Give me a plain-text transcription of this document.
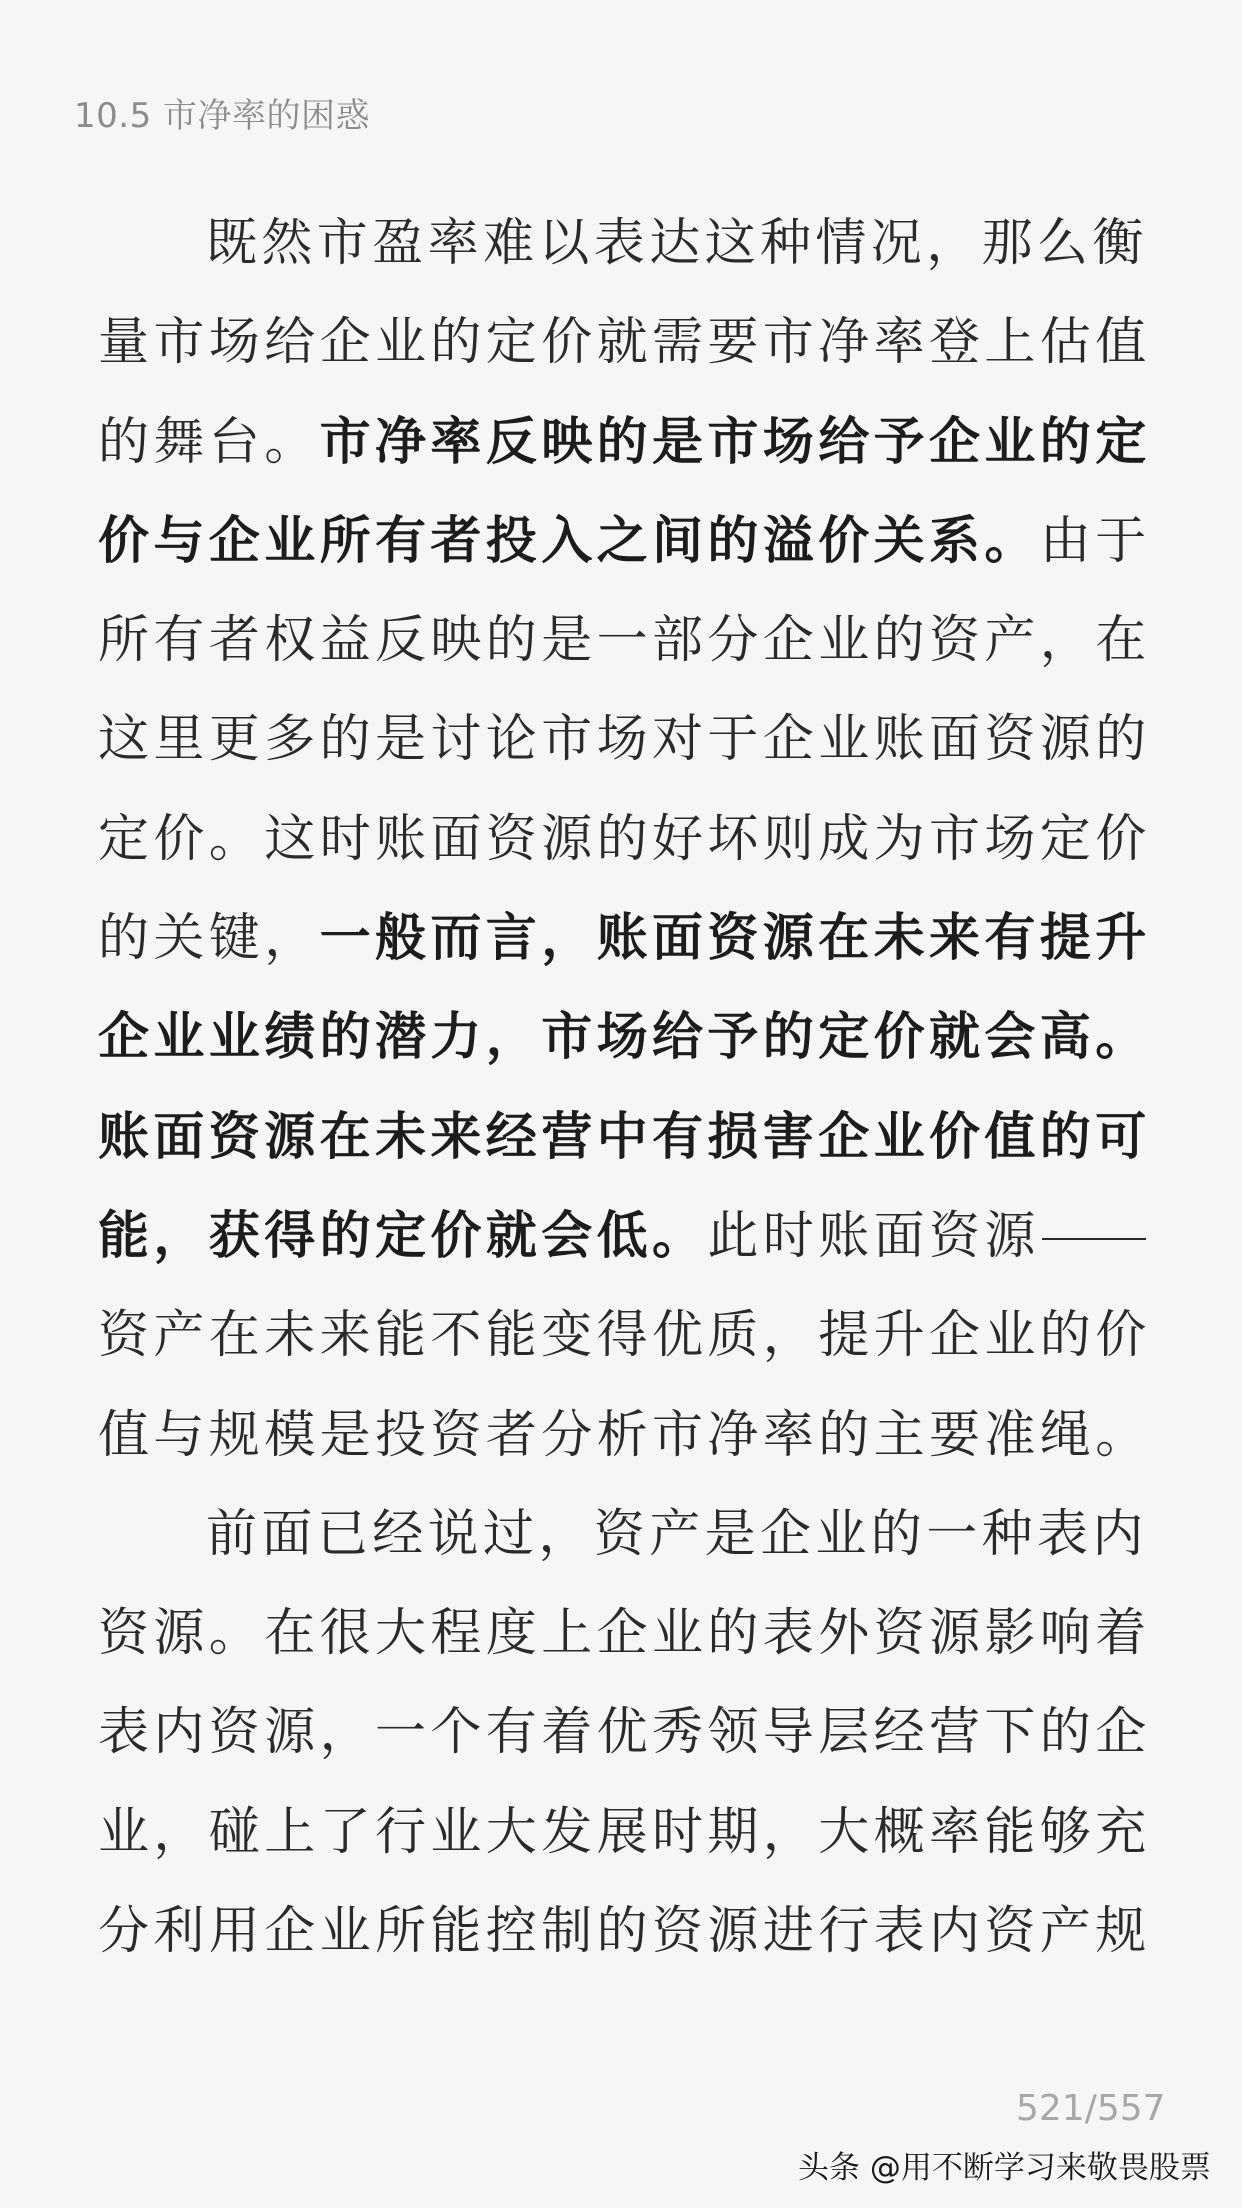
10.5 市净率的困惑
既然市盈率难以表达这种情况，那么衡
量市场给企业的定价就需要市净率登上估值
的舞台。市净率反映的是市场给予企业的定
价与企业所有者投入之间的溢价关系。由于
所有者权益反映的是一部分企业的资产，在
这里更多的是讨论市场对于企业账面资源的
定价。这时账面资源的好坏则成为市场定价
的关键，一般而言，账面资源在未来有提升
企业业绩的潜力，市场给予的定价就会高。
账面资源在未来经营中有损害企业价值的可
能，获得的定价就会低。此时账面资源
资产在未来能不能变得优质，提升企业的价
值与规模是投资者分析市净率的主要准绳。
前面已经说过，资产是企业的一种表内
资源。在很大程度上企业的表外资源影响着
表内资源，一个有着优秀领导层经营下的企
业，碰上了行业大发展时期，大概率能够充
分利用企业所能控制的资源进行表内资产规
521/557
头条 @用不断学习来敬畏股票
